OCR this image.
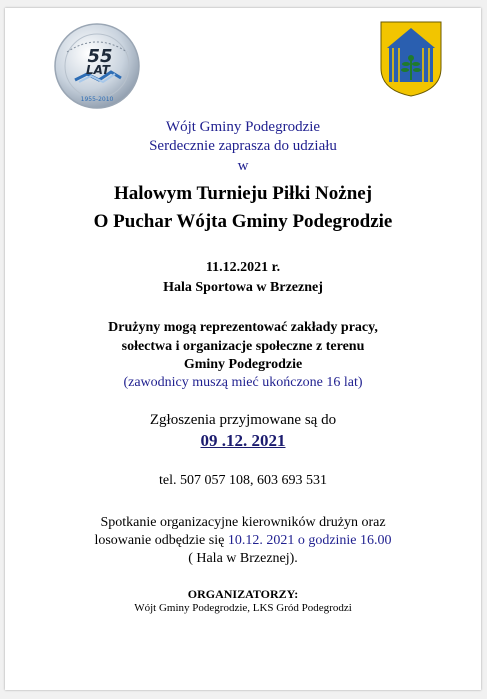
55
LAT
1955-2010
Wójt Gminy Podegrodzie
Serdecznie zaprasza do udziału
w
Halowym Turnieju Piłki Nożnej
O Puchar Wójta Gminy Podegrodzie
11.12.2021 r.
Hala Sportowa w Brzeznej
Drużyny mogą reprezentować zakłady pracy,
sołectwa i organizacje społeczne z terenu
Gminy Podegrodzie
(zawodnicy muszą mieć ukończone 16 lat)
Zgłoszenia przyjmowane są do
09 .12. 2021
tel. 507 057 108, 603 693 531
Spotkanie organizacyjne kierowników drużyn oraz
losowanie odbędzie się 10.12. 2021 o godzinie 16.00
( Hala w Brzeznej).
ORGANIZATORZY:
Wójt Gminy Podegrodzie, LKS Gród Podegrodzi
